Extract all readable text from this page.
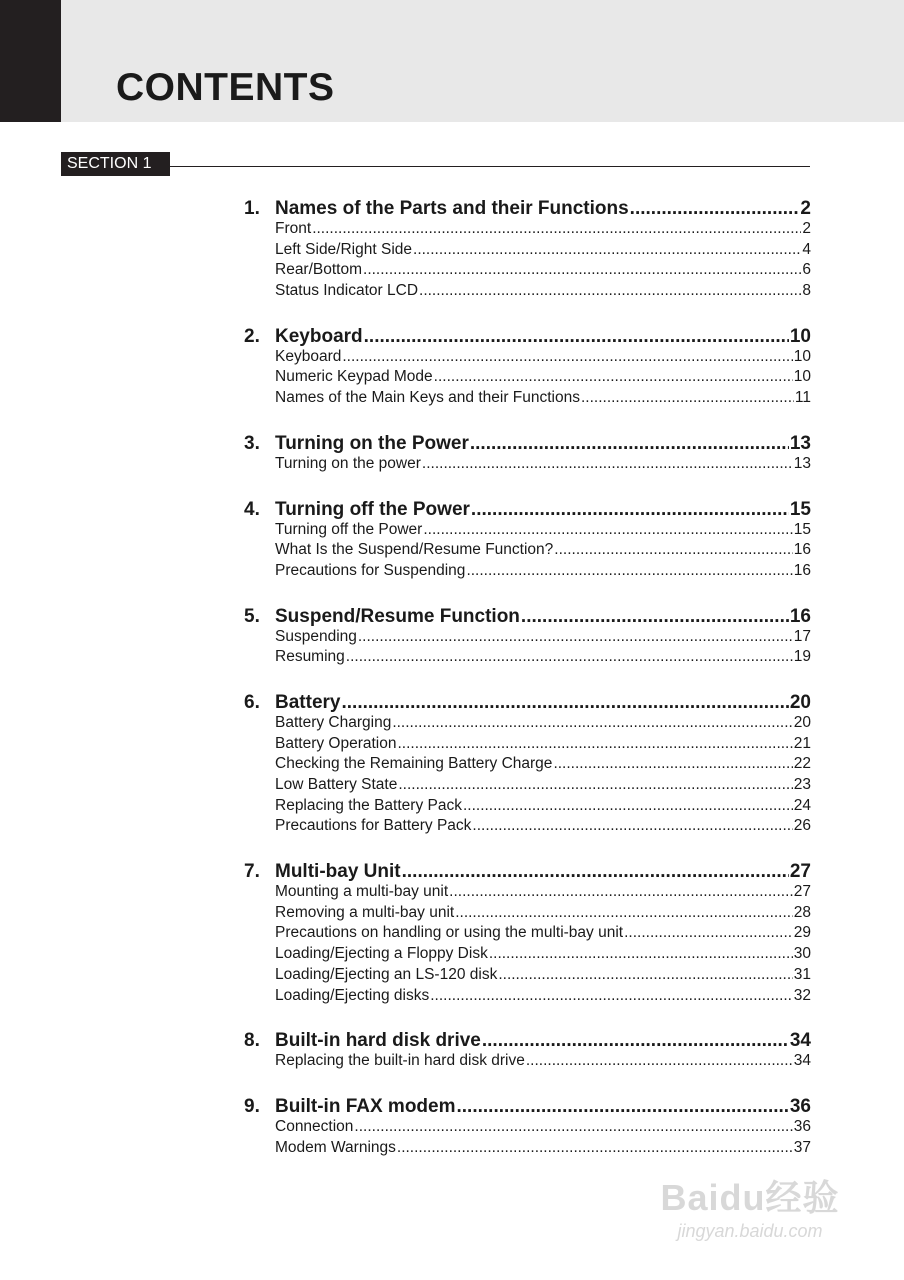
CONTENTS
SECTION 1
1. Names of the Parts and their Functions .....	2
Front .....	2
Left Side/Right Side .....	4
Rear/Bottom .....	6
Status Indicator LCD .....	8
2. Keyboard .....	10
Keyboard .....	10
Numeric Keypad Mode .....	10
Names of the Main Keys and their Functions .....	11
3. Turning on the Power .....	13
Turning on the power .....	13
4. Turning off the Power .....	15
Turning off the Power .....	15
What Is the Suspend/Resume Function? .....	16
Precautions for Suspending .....	16
5. Suspend/Resume Function .....	16
Suspending .....	17
Resuming .....	19
6. Battery .....	20
Battery Charging .....	20
Battery Operation .....	21
Checking the Remaining Battery Charge .....	22
Low Battery State .....	23
Replacing the Battery Pack .....	24
Precautions for Battery Pack .....	26
7. Multi-bay Unit .....	27
Mounting a multi-bay unit .....	27
Removing a multi-bay unit .....	28
Precautions on handling or using the multi-bay unit .....	29
Loading/Ejecting a Floppy Disk .....	30
Loading/Ejecting an LS-120 disk .....	31
Loading/Ejecting disks .....	32
8. Built-in hard disk drive .....	34
Replacing the built-in hard disk drive .....	34
9. Built-in FAX modem .....	36
Connection .....	36
Modem Warnings .....	37
Baidu经验
jingyan.baidu.com
